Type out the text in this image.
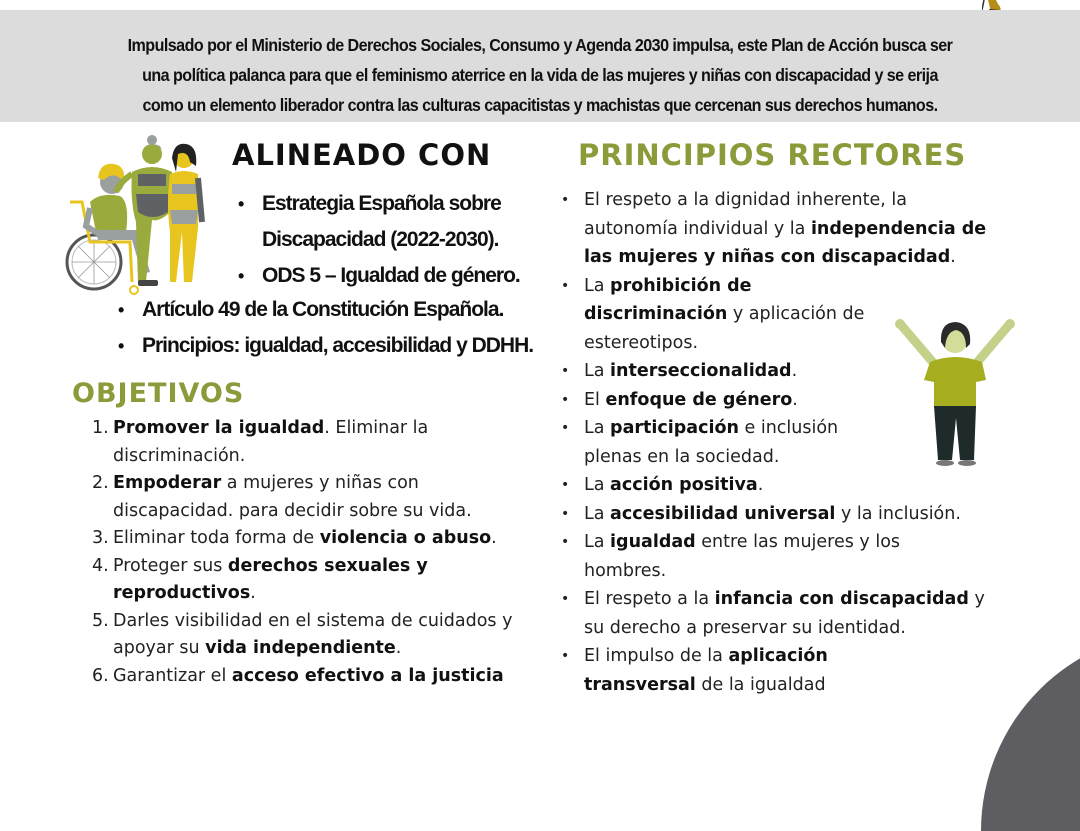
Impulsado por el Ministerio de Derechos Sociales, Consumo y Agenda 2030 impulsa, este Plan de Acción busca ser
una política palanca para que el feminismo aterrice en la vida de las mujeres y niñas con discapacidad y se erija
como un elemento liberador contra las culturas capacitistas y machistas que cercenan sus derechos humanos.
ALINEADO CON
• Estrategia Española sobre
Discapacidad (2022-2030).
• ODS 5 – Igualdad de género.
• Artículo 49 de la Constitución Española.
• Principios: igualdad, accesibilidad y DDHH.
OBJETIVOS
1. Promover la igualdad. Eliminar la discriminación.
2. Empoderar a mujeres y niñas con discapacidad. para decidir sobre su vida.
3. Eliminar toda forma de violencia o abuso.
4. Proteger sus derechos sexuales y reproductivos.
5. Darles visibilidad en el sistema de cuidados y apoyar su vida independiente.
6. Garantizar el acceso efectivo a la justicia
PRINCIPIOS RECTORES
• El respeto a la dignidad inherente, la autonomía individual y la independencia de las mujeres y niñas con discapacidad.
• La prohibición de discriminación y aplicación de estereotipos.
• La interseccionalidad.
• El enfoque de género.
• La participación e inclusión plenas en la sociedad.
• La acción positiva.
• La accesibilidad universal y la inclusión.
• La igualdad entre las mujeres y los hombres.
• El respeto a la infancia con discapacidad y su derecho a preservar su identidad.
• El impulso de la aplicación transversal de la igualdad
